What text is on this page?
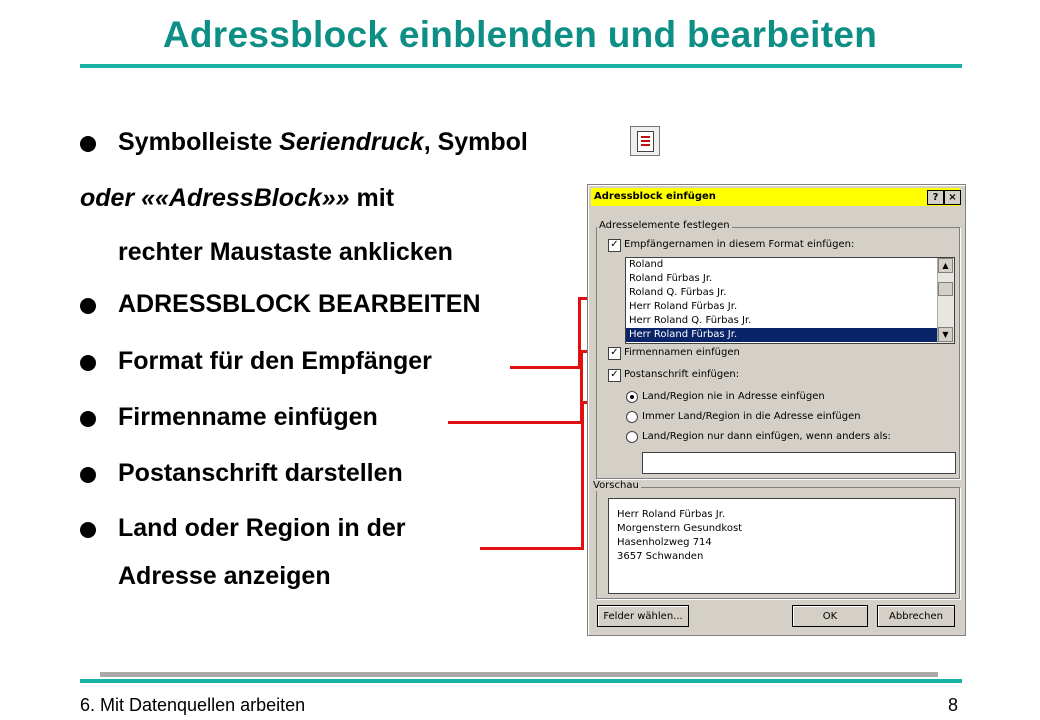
Adressblock einblenden und bearbeiten
Symbolleiste Seriendruck, Symbol
oder ««AdressBlock»» mit
rechter Maustaste anklicken
ADRESSBLOCK BEARBEITEN
Format für den Empfänger
Firmenname einfügen
Postanschrift darstellen
Land oder Region in der
Adresse anzeigen
Adressblock einfügen	? ×
Adresselemente festlegen
✓ Empfängernamen in diesem Format einfügen:
Roland
Roland Fürbas Jr.
Roland Q. Fürbas Jr.
Herr Roland Fürbas Jr.
Herr Roland Q. Fürbas Jr.
Herr Roland Fürbas Jr.
▲
▼
✓ Firmennamen einfügen
✓ Postanschrift einfügen:
Land/Region nie in Adresse einfügen
Immer Land/Region in die Adresse einfügen
Land/Region nur dann einfügen, wenn anders als:
Vorschau
Herr Roland Fürbas Jr.
Morgenstern Gesundkost
Hasenholzweg 714
3657 Schwanden
Felder wählen...	OK	Abbrechen
6. Mit Datenquellen arbeiten	8
